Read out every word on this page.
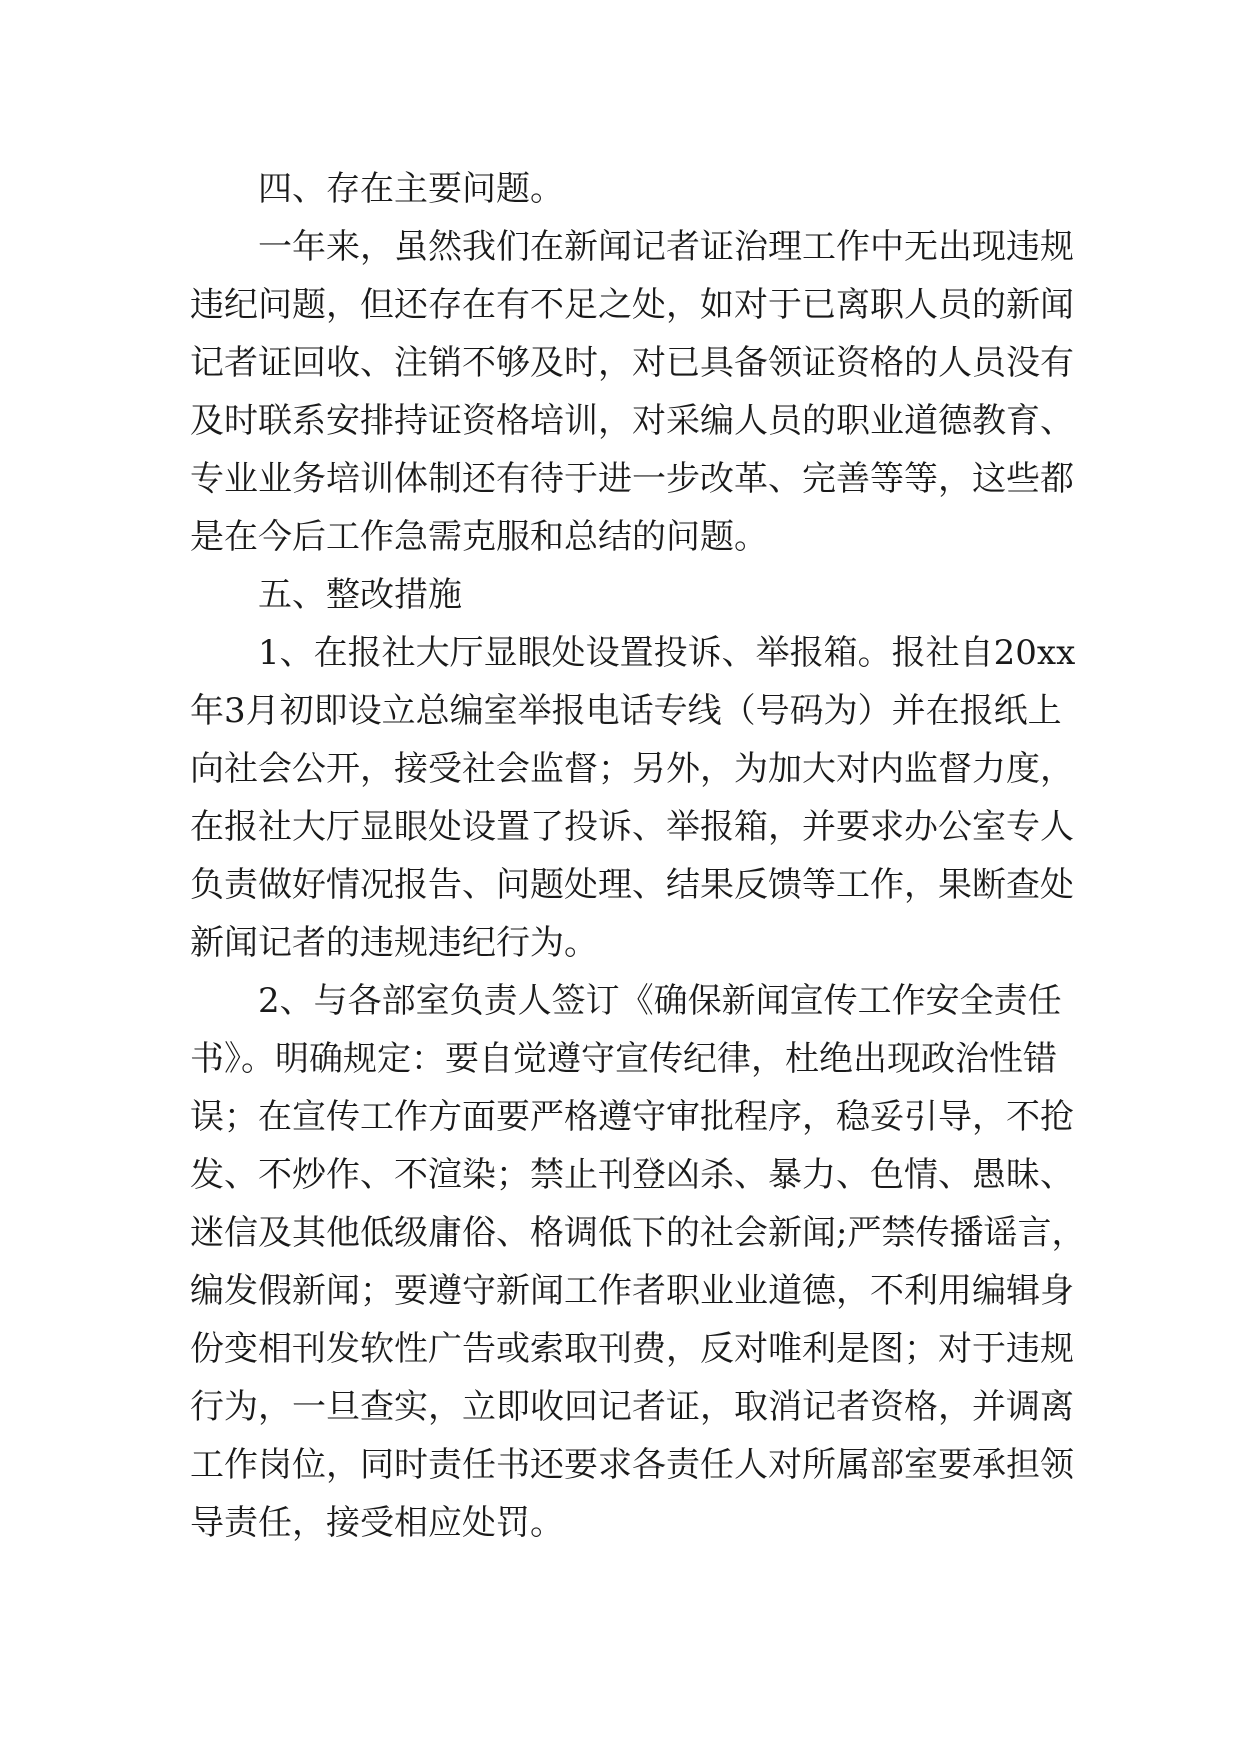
四、存在主要问题。
一年来，虽然我们在新闻记者证治理工作中无出现违规
违纪问题，但还存在有不足之处，如对于已离职人员的新闻
记者证回收、注销不够及时，对已具备领证资格的人员没有
及时联系安排持证资格培训，对采编人员的职业道德教育、
专业业务培训体制还有待于进一步改革、完善等等，这些都
是在今后工作急需克服和总结的问题。
五、整改措施
1、在报社大厅显眼处设置投诉、举报箱。报社自20xx
年3月初即设立总编室举报电话专线（号码为）并在报纸上
向社会公开，接受社会监督；另外，为加大对内监督力度，
在报社大厅显眼处设置了投诉、举报箱，并要求办公室专人
负责做好情况报告、问题处理、结果反馈等工作，果断查处
新闻记者的违规违纪行为。
2、与各部室负责人签订《确保新闻宣传工作安全责任
书》。明确规定：要自觉遵守宣传纪律，杜绝出现政治性错
误；在宣传工作方面要严格遵守审批程序，稳妥引导，不抢
发、不炒作、不渲染；禁止刊登凶杀、暴力、色情、愚昧、
迷信及其他低级庸俗、格调低下的社会新闻;严禁传播谣言，
编发假新闻；要遵守新闻工作者职业业道德，不利用编辑身
份变相刊发软性广告或索取刊费，反对唯利是图；对于违规
行为，一旦查实，立即收回记者证，取消记者资格，并调离
工作岗位，同时责任书还要求各责任人对所属部室要承担领
导责任，接受相应处罚。
